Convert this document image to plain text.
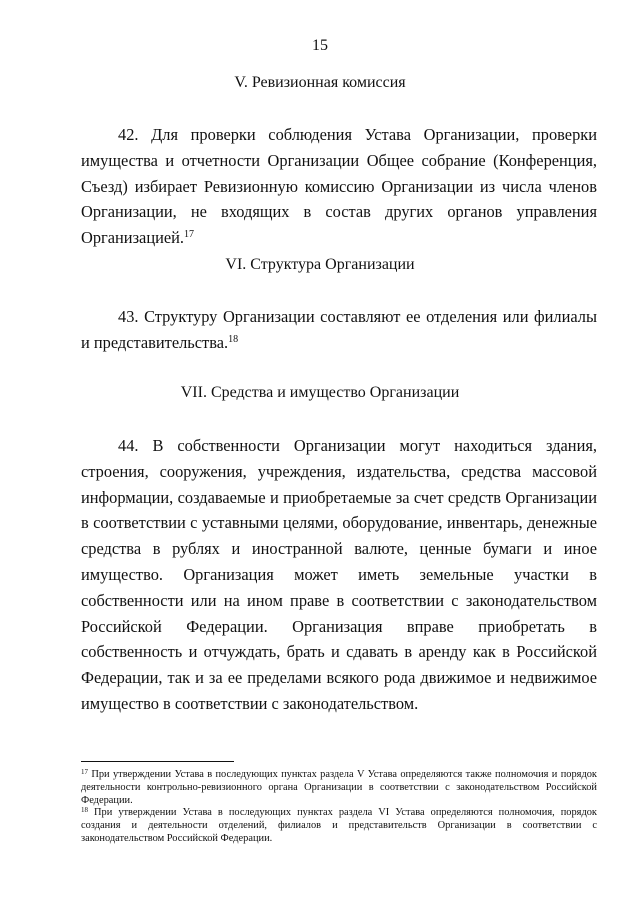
15
V. Ревизионная комиссия

42. Для проверки соблюдения Устава Организации, проверки имущества и отчетности Организации Общее собрание (Конференция, Съезд) избирает Ревизионную комиссию Организации из числа членов Организации, не входящих в состав других органов управления Организацией.$^{17}$

VI. Структура Организации

43. Структуру Организации составляют ее отделения или филиалы и представительства.$^{18}$

VII. Средства и имущество Организации

44. В собственности Организации могут находиться здания, строения, сооружения, учреждения, издательства, средства массовой информации, создаваемые и приобретаемые за счет средств Организации в соответствии с уставными целями, оборудование, инвентарь, денежные средства в рублях и иностранной валюте, ценные бумаги и иное имущество. Организация может иметь земельные участки в собственности или на ином праве в соответствии с законодательством Российской Федерации. Организация вправе приобретать в собственность и отчуждать, брать и сдавать в аренду как в Российской Федерации, так и за ее пределами всякого рода движимое и недвижимое имущество в соответствии с законодательством.

$^{17}$ При утверждении Устава в последующих пунктах раздела V Устава определяются также полномочия и порядок деятельности контрольно-ревизионного органа Организации в соответствии с законодательством Российской Федерации.

$^{18}$ При утверждении Устава в последующих пунктах раздела VI Устава определяются полномочия, порядок создания и деятельности отделений, филиалов и представительств Организации в соответствии с законодательством Российской Федерации.
